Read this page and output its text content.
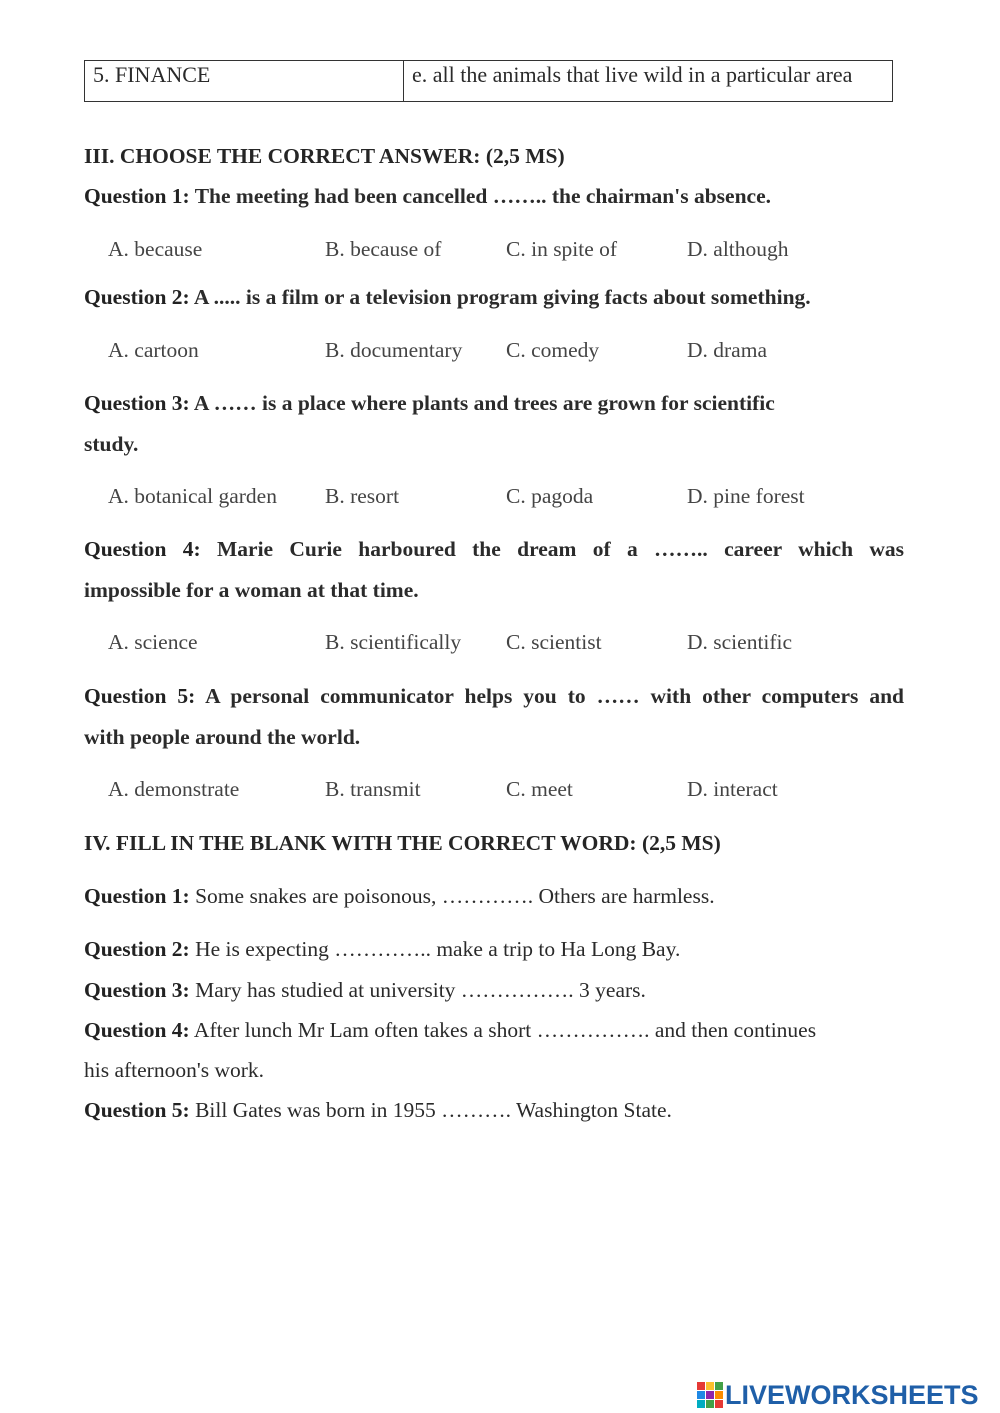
5. FINANCE	e. all the animals that live wild in a particular area
III. CHOOSE THE CORRECT ANSWER: (2,5 MS)
Question 1: The meeting had been cancelled …….. the chairman's absence.
A. because	B. because of	C. in spite of	D. although
Question 2: A ..... is a film or a television program giving facts about something.
A. cartoon	B. documentary C. comedy	D. drama
Question 3: A …… is a place where plants and trees are grown for scientific
study.
A. botanical garden B. resort	C. pagoda	D. pine forest
Question 4: Marie Curie harboured the dream of a …….. career which was
impossible for a woman at that time.
A. science	B. scientifically C. scientist	D. scientific
Question 5: A personal communicator helps you to …… with other computers and
with people around the world.
A. demonstrate	B. transmit	C. meet	D. interact
IV. FILL IN THE BLANK WITH THE CORRECT WORD: (2,5 MS)
Question 1: Some snakes are poisonous, …………. Others are harmless.
Question 2: He is expecting ………….. make a trip to Ha Long Bay.
Question 3: Mary has studied at university ……………. 3 years.
Question 4: After lunch Mr Lam often takes a short ……………. and then continues
his afternoon's work.
Question 5: Bill Gates was born in 1955 ………. Washington State.
LIVEWORKSHEETS
